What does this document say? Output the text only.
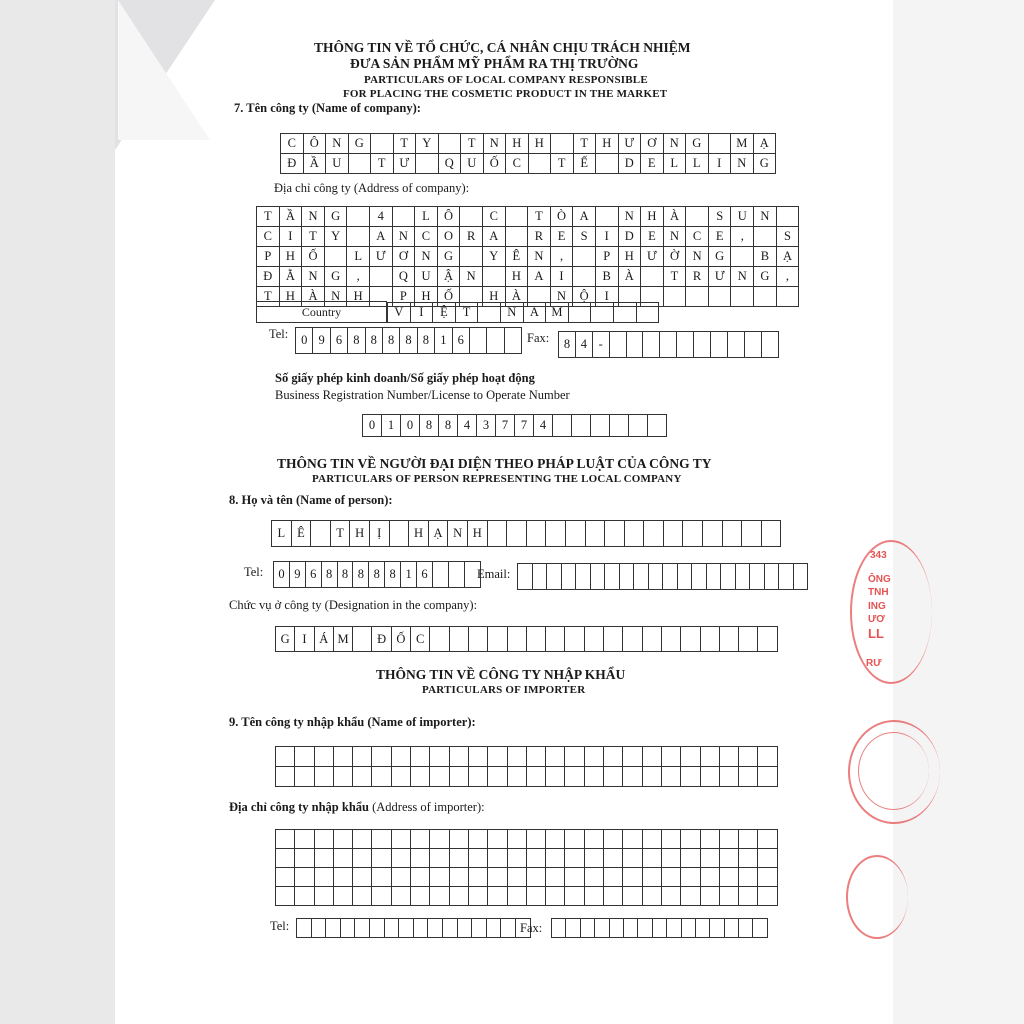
THÔNG TIN VỀ TỔ CHỨC, CÁ NHÂN CHỊU TRÁCH NHIỆM
ĐƯA SẢN PHẨM MỸ PHẨM RA THỊ TRƯỜNG
PARTICULARS OF LOCAL COMPANY RESPONSIBLE
FOR PLACING THE COSMETIC PRODUCT IN THE MARKET
7. Tên công ty (Name of company):
C	Ô	N	G		T	Y		T	N	H	H		T	H	Ư	Ơ	N	G		M	Ạ
Đ	Ầ	U		T	Ư		Q	U	Ố	C		T	Ế		D	E	L	L	I	N	G
Địa chỉ công ty (Address of company):
T	Ầ	N	G		4		L	Ô		C		T	Ò	A		N	H	À		S	U	N	
C	I	T	Y		A	N	C	O	R	A		R	E	S	I	D	E	N	C	E	,		S
P	H	Ố		L	Ư	Ơ	N	G		Y	Ê	N	,		P	H	Ư	Ờ	N	G		B	Ạ
Đ	Ằ	N	G	,		Q	U	Ậ	N		H	A	I		B	À		T	R	Ư	N	G	,
T	H	À	N	H		P	H	Ố		H	À		N	Ộ	I								
Country		V	I	Ệ	T		N	A	M				
Tel: 0	9	6	8	8	8	8	8	1	6				Fax: 8	4	-										
Số giấy phép kinh doanh/Số giấy phép hoạt động
Business Registration Number/License to Operate Number
0	1	0	8	8	4	3	7	7	4						
THÔNG TIN VỀ NGƯỜI ĐẠI DIỆN THEO PHÁP LUẬT CỦA CÔNG TY
PARTICULARS OF PERSON REPRESENTING THE LOCAL COMPANY
8. Họ và tên (Name of person):
L	Ê		T	H	Ị		H	Ạ	N	H															
Tel: 0	9	6	8	8	8	8	8	1	6				Email:

Chức vụ ở công ty (Designation in the company):
G	I	Á	M		Đ	Ố	C																		
THÔNG TIN VỀ CÔNG TY NHẬP KHẨU
PARTICULARS OF IMPORTER
9. Tên công ty nhập khẩu (Name of importer):

Địa chỉ công ty nhập khẩu (Address of importer):

Tel:
																Fax:

343
ÔNG
TNH
ING
ƯƠ
LL
RƯ
